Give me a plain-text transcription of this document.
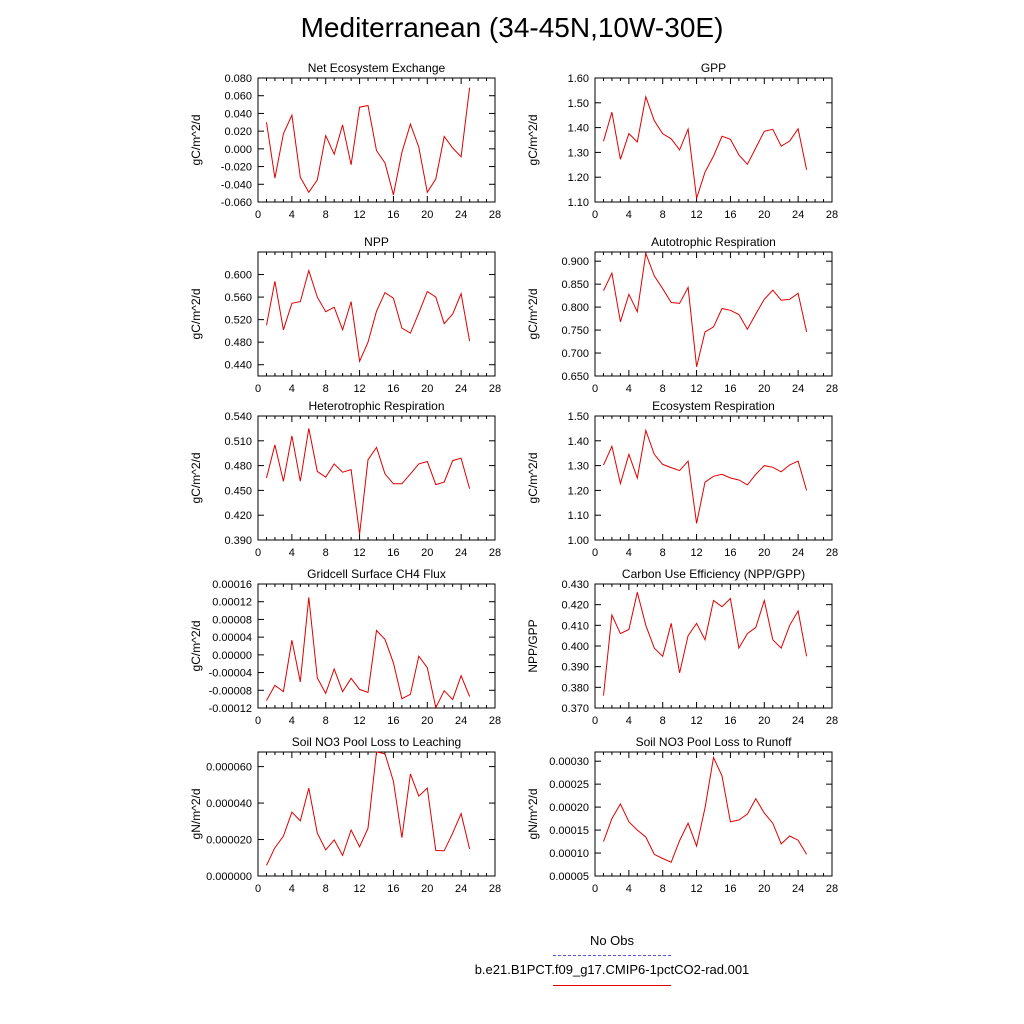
Mediterranean (34-45N,10W-30E)
Net Ecosystem Exchange
gC/m^2/d
0	4	8 12 16 20 24 28
0.080
0.060
0.040
0.020
0.000
-0.020
-0.040
-0.060
GPP
gC/m^2/d
0	4	8 12 16 20 24 28
1.60
1.50
1.40
1.30
1.20
1.10
NPP
gC/m^2/d
0	4	8 12 16 20 24 28
0.600
0.560
0.520
0.480
0.440
Autotrophic Respiration
gC/m^2/d
0	4	8 12 16 20 24 28
0.900
0.850
0.800
0.750
0.700
0.650
Heterotrophic Respiration
gC/m^2/d
0	4	8 12 16 20 24 28
0.540
0.510
0.480
0.450
0.420
0.390
Ecosystem Respiration
gC/m^2/d
0	4	8 12 16 20 24 28
1.50
1.40
1.30
1.20
1.10
1.00
Gridcell Surface CH4 Flux
gC/m^2/d
0	4	8 12 16 20 24 28
0.00016
0.00012
0.00008
0.00004
0.00000
-0.00004
-0.00008
-0.00012
Carbon Use Efficiency (NPP/GPP)
NPP/GPP
0	4	8 12 16 20 24 28
0.430
0.420
0.410
0.400
0.390
0.380
0.370
Soil NO3 Pool Loss to Leaching
gN/m^2/d
0	4	8 12 16 20 24 28
0.000060
0.000040
0.000020
0.000000
Soil NO3 Pool Loss to Runoff
gN/m^2/d
0	4	8 12 16 20 24 28
0.00030
0.00025
0.00020
0.00015
0.00010
0.00005
No Obs
b.e21.B1PCT.f09_g17.CMIP6-1pctCO2-rad.001
